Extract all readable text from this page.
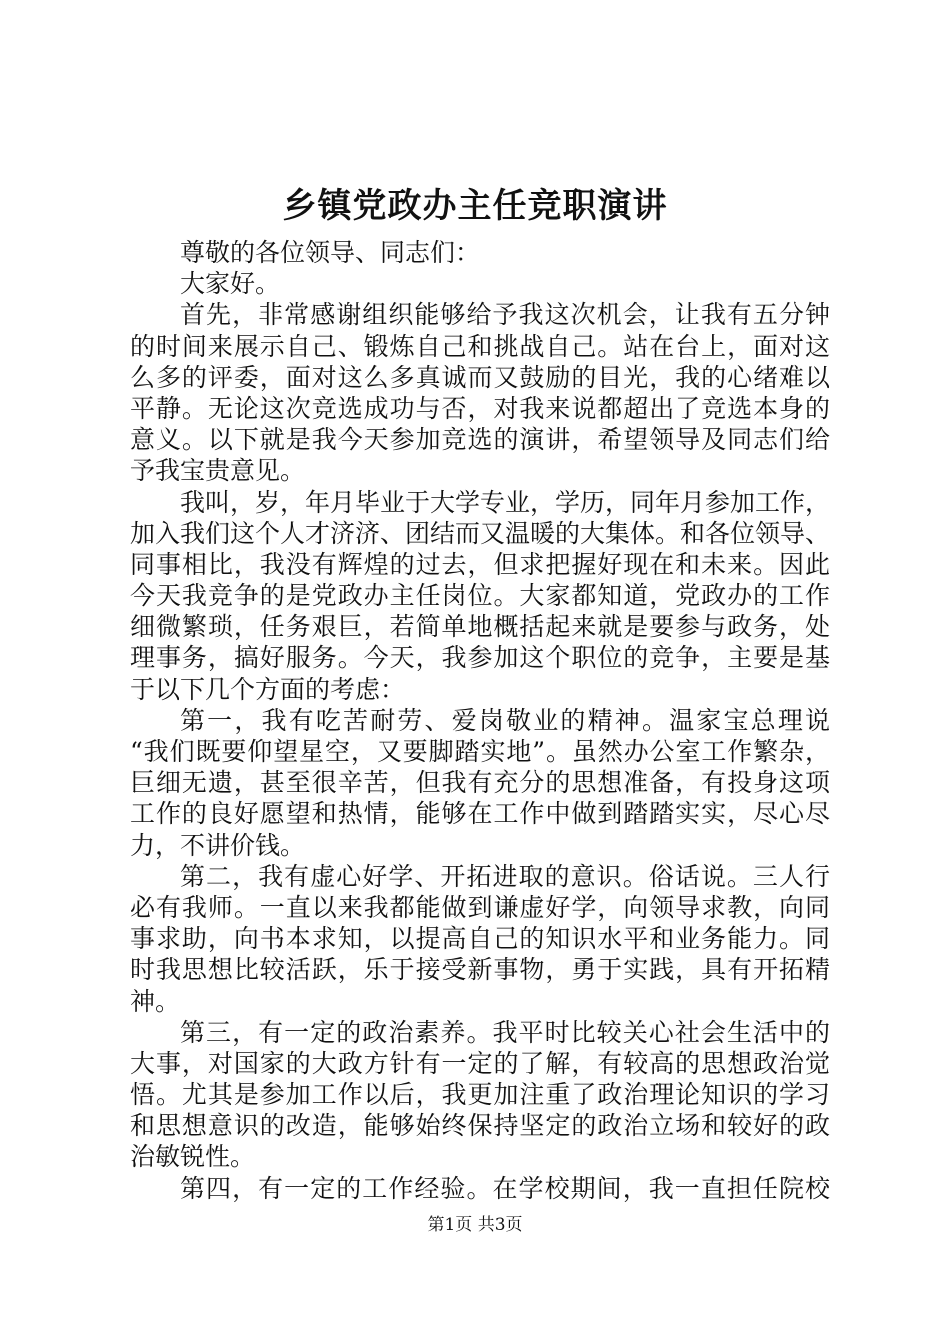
乡镇党政办主任竞职演讲
尊敬的各位领导、同志们：
大家好。
首先，非常感谢组织能够给予我这次机会，让我有五分钟
的时间来展示自己、锻炼自己和挑战自己。站在台上，面对这
么多的评委，面对这么多真诚而又鼓励的目光，我的心绪难以
平静。无论这次竞选成功与否，对我来说都超出了竞选本身的
意义。以下就是我今天参加竞选的演讲，希望领导及同志们给
予我宝贵意见。
我叫，岁，年月毕业于大学专业，学历，同年月参加工作，
加入我们这个人才济济、团结而又温暖的大集体。和各位领导、
同事相比，我没有辉煌的过去，但求把握好现在和未来。因此
今天我竞争的是党政办主任岗位。大家都知道，党政办的工作
细微繁琐，任务艰巨，若简单地概括起来就是要参与政务，处
理事务，搞好服务。今天，我参加这个职位的竞争，主要是基
于以下几个方面的考虑：
第一，我有吃苦耐劳、爱岗敬业的精神。温家宝总理说
“我们既要仰望星空，又要脚踏实地”。虽然办公室工作繁杂，
巨细无遗，甚至很辛苦，但我有充分的思想准备，有投身这项
工作的良好愿望和热情，能够在工作中做到踏踏实实，尽心尽
力，不讲价钱。
第二，我有虚心好学、开拓进取的意识。俗话说。三人行
必有我师。一直以来我都能做到谦虚好学，向领导求教，向同
事求助，向书本求知，以提高自己的知识水平和业务能力。同
时我思想比较活跃，乐于接受新事物，勇于实践，具有开拓精
神。
第三，有一定的政治素养。我平时比较关心社会生活中的
大事，对国家的大政方针有一定的了解，有较高的思想政治觉
悟。尤其是参加工作以后，我更加注重了政治理论知识的学习
和思想意识的改造，能够始终保持坚定的政治立场和较好的政
治敏锐性。
第四，有一定的工作经验。在学校期间，我一直担任院校
第1页 共3页
